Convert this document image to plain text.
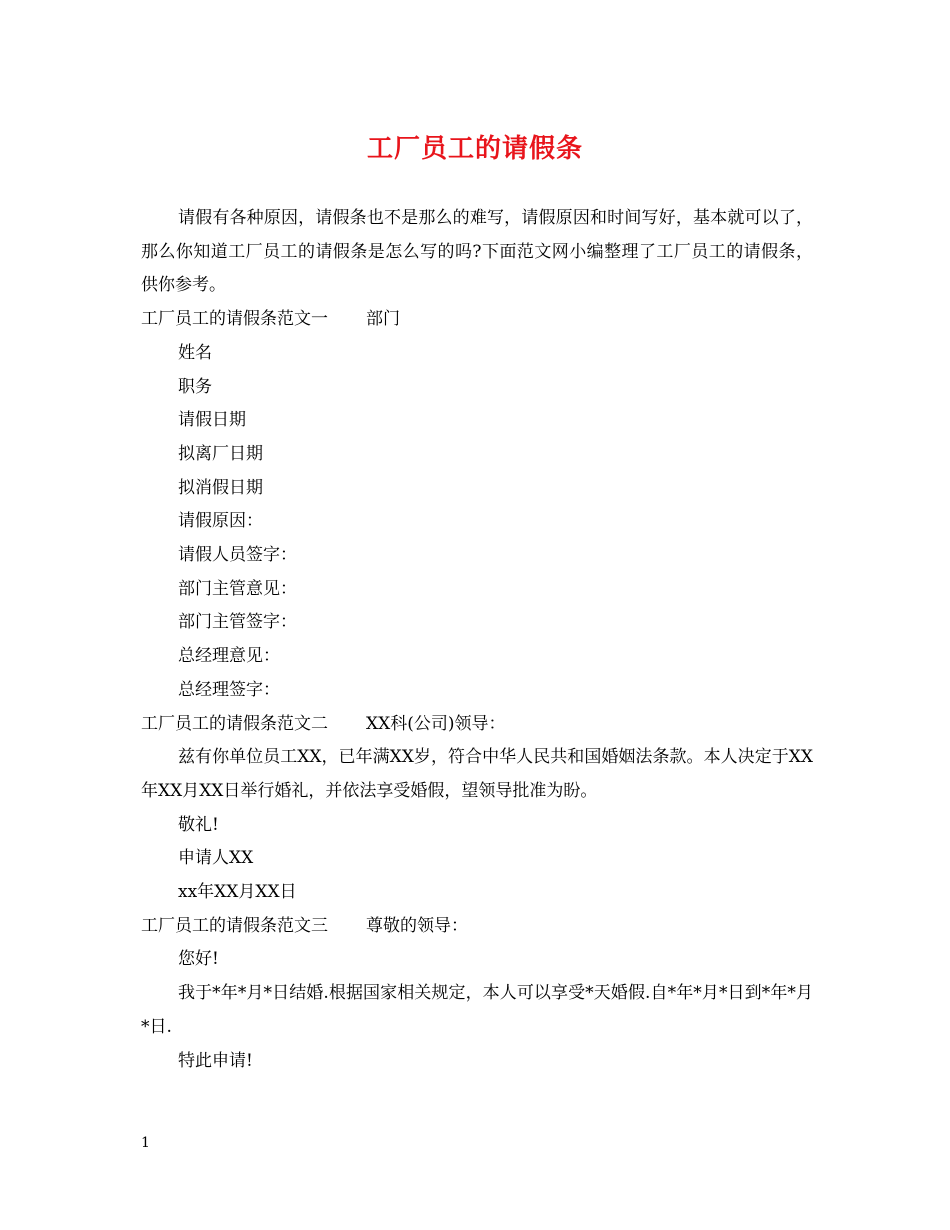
工厂员工的请假条

请假有各种原因，请假条也不是那么的难写，请假原因和时间写好，基本就可以了，那么你知道工厂员工的请假条是怎么写的吗?下面范文网小编整理了工厂员工的请假条，供你参考。

工厂员工的请假条范文一 部门

姓名

职务

请假日期

拟离厂日期

拟消假日期

请假原因：

请假人员签字：

部门主管意见：

部门主管签字：

总经理意见：

总经理签字：

工厂员工的请假条范文二 XX科(公司)领导：

兹有你单位员工XX，已年满XX岁，符合中华人民共和国婚姻法条款。本人决定于XX年XX月XX日举行婚礼，并依法享受婚假，望领导批准为盼。

敬礼!

申请人XX

xx年XX月XX日

工厂员工的请假条范文三 尊敬的领导：

您好!

我于*年*月*日结婚.根据国家相关规定，本人可以享受*天婚假.自*年*月*日到*年*月*日.

特此申请!

1
